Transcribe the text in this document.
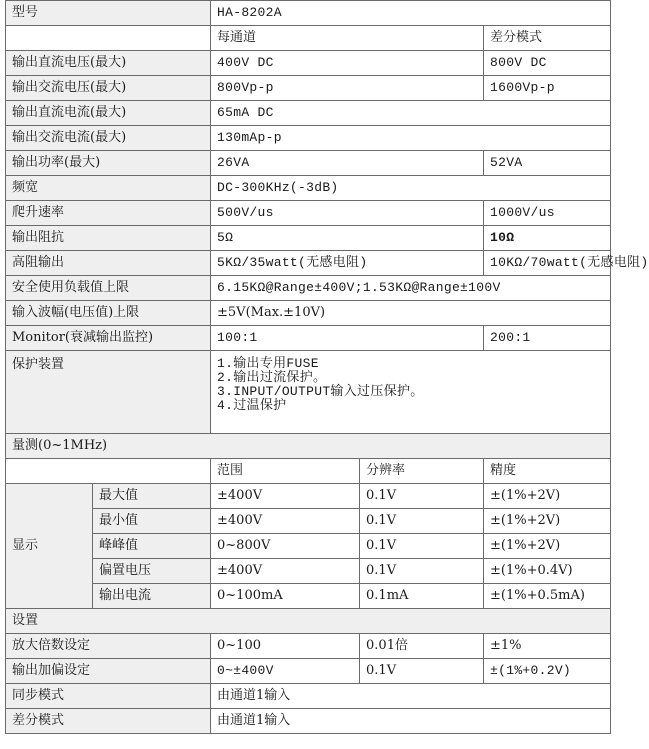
型号		HA-8202A		
		每通道		差分模式
输出直流电压(最大)		400V DC		800V DC
输出交流电压(最大)		800Vp-p		1600Vp-p
输出直流电流(最大)		65mA DC		
输出交流电流(最大)		130mAp-p		
输出功率(最大)		26VA		52VA
频宽		DC-300KHz(-3dB)		
爬升速率		500V/us		1000V/us
输出阻抗		5Ω		10Ω
高阻输出		5KΩ/35watt(无感电阻)		10KΩ/70watt(无感电阻)
安全使用负载值上限		6.15KΩ@Range±400V;1.53KΩ@Range±100V		
输入波幅(电压值)上限		±5V(Max.±10V)		
Monitor(衰减输出监控)		100:1		200:1
保护装置		1.输出专用FUSE
2.输出过流保护。
3.INPUT/OUTPUT输入过压保护。
4.过温保护		

量测(0~1MHz)				
		范围	分辨率	精度
显示	最大值	±400V	0.1V	±(1%+2V)
	最小值	±400V	0.1V	±(1%+2V)
	峰峰值	0~800V	0.1V	±(1%+2V)
	偏置电压	±400V	0.1V	±(1%+0.4V)
	输出电流	0~100mA	0.1mA	±(1%+0.5mA)
设置				
放大倍数设定		0~100	0.01倍	±1%
输出加偏设定		0~±400V	0.1V	±(1%+0.2V)
同步模式		由通道1输入		
差分模式		由通道1输入		
